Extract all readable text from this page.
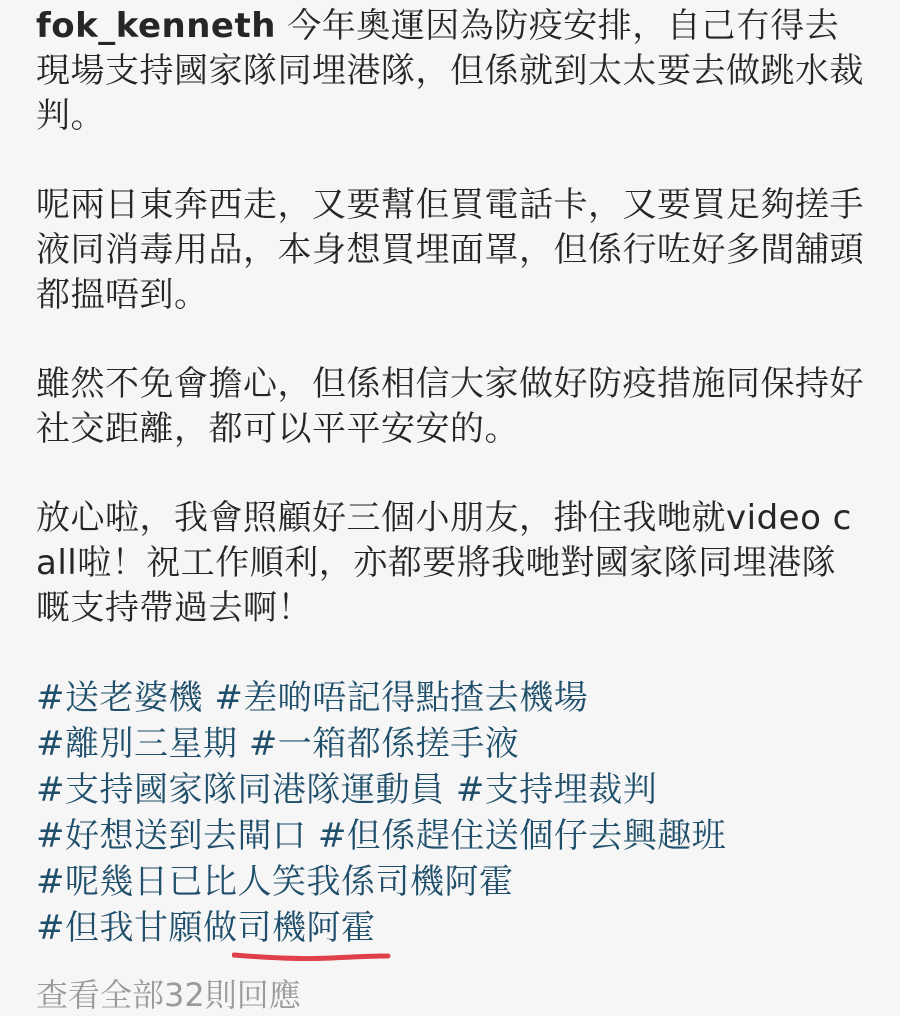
fok_kenneth 今年奧運因為防疫安排，自己冇得去現場支持國家隊同埋港隊，但係就到太太要去做跳水裁判。
呢兩日東奔西走，又要幫佢買電話卡，又要買足夠搓手液同消毒用品，本身想買埋面罩，但係行咗好多間舖頭都搵唔到。
雖然不免會擔心，但係相信大家做好防疫措施同保持好社交距離，都可以平平安安的。
放心啦，我會照顧好三個小朋友，掛住我哋就video call啦！祝工作順利，亦都要將我哋對國家隊同埋港隊嘅支持帶過去啊！
#送老婆機 #差啲唔記得點揸去機場
#離別三星期 #一箱都係搓手液
#支持國家隊同港隊運動員 #支持埋裁判
#好想送到去閘口 #但係趕住送個仔去興趣班
#呢幾日已比人笑我係司機阿霍
#但我甘願做司機阿霍
查看全部32則回應
